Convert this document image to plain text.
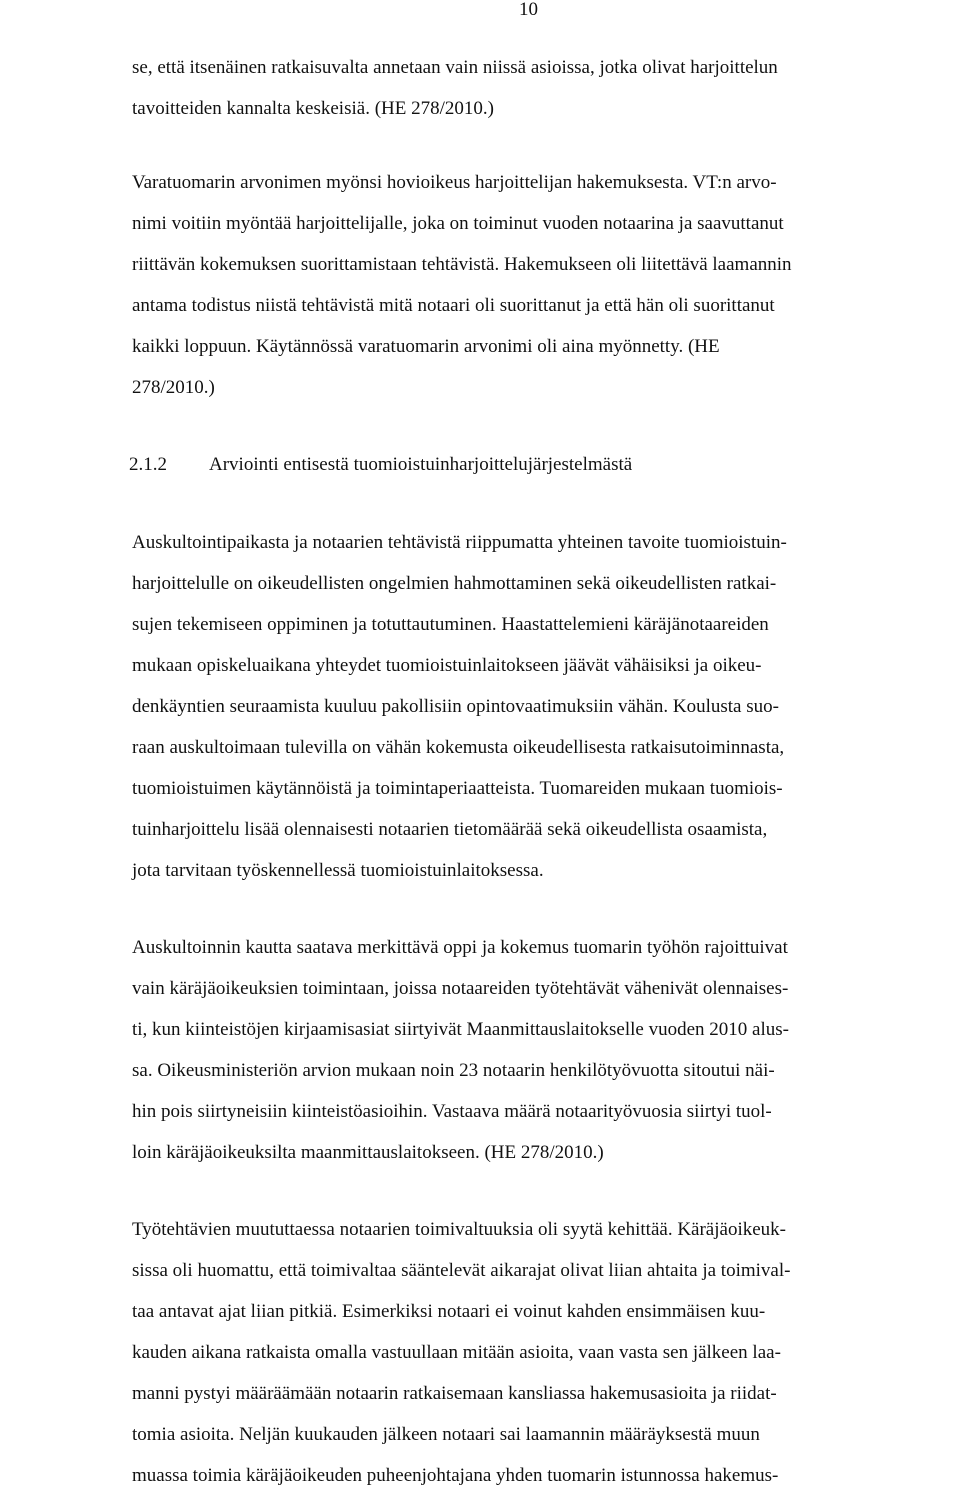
10
se, että itsenäinen ratkaisuvalta annetaan vain niissä asioissa, jotka olivat harjoittelun
tavoitteiden kannalta keskeisiä. (HE 278/2010.)
Varatuomarin arvonimen myönsi hovioikeus harjoittelijan hakemuksesta. VT:n arvo-
nimi voitiin myöntää harjoittelijalle, joka on toiminut vuoden notaarina ja saavuttanut
riittävän kokemuksen suorittamistaan tehtävistä. Hakemukseen oli liitettävä laamannin
antama todistus niistä tehtävistä mitä notaari oli suorittanut ja että hän oli suorittanut
kaikki loppuun. Käytännössä varatuomarin arvonimi oli aina myönnetty. (HE
278/2010.)
2.1.2 Arviointi entisestä tuomioistuinharjoittelujärjestelmästä
Auskultointipaikasta ja notaarien tehtävistä riippumatta yhteinen tavoite tuomioistuin-
harjoittelulle on oikeudellisten ongelmien hahmottaminen sekä oikeudellisten ratkai-
sujen tekemiseen oppiminen ja totuttautuminen. Haastattelemieni käräjänotaareiden
mukaan opiskeluaikana yhteydet tuomioistuinlaitokseen jäävät vähäisiksi ja oikeu-
denkäyntien seuraamista kuuluu pakollisiin opintovaatimuksiin vähän. Koulusta suo-
raan auskultoimaan tulevilla on vähän kokemusta oikeudellisesta ratkaisutoiminnasta,
tuomioistuimen käytännöistä ja toimintaperiaatteista. Tuomareiden mukaan tuomiois-
tuinharjoittelu lisää olennaisesti notaarien tietomäärää sekä oikeudellista osaamista,
jota tarvitaan työskennellessä tuomioistuinlaitoksessa.
Auskultoinnin kautta saatava merkittävä oppi ja kokemus tuomarin työhön rajoittuivat
vain käräjäoikeuksien toimintaan, joissa notaareiden työtehtävät vähenivät olennaises-
ti, kun kiinteistöjen kirjaamisasiat siirtyivät Maanmittauslaitokselle vuoden 2010 alus-
sa. Oikeusministeriön arvion mukaan noin 23 notaarin henkilötyövuotta sitoutui näi-
hin pois siirtyneisiin kiinteistöasioihin. Vastaava määrä notaarityövuosia siirtyi tuol-
loin käräjäoikeuksilta maanmittauslaitokseen. (HE 278/2010.)
Työtehtävien muututtaessa notaarien toimivaltuuksia oli syytä kehittää. Käräjäoikeuk-
sissa oli huomattu, että toimivaltaa sääntelevät aikarajat olivat liian ahtaita ja toimival-
taa antavat ajat liian pitkiä. Esimerkiksi notaari ei voinut kahden ensimmäisen kuu-
kauden aikana ratkaista omalla vastuullaan mitään asioita, vaan vasta sen jälkeen laa-
manni pystyi määräämään notaarin ratkaisemaan kansliassa hakemusasioita ja riidat-
tomia asioita. Neljän kuukauden jälkeen notaari sai laamannin määräyksestä muun
muassa toimia käräjäoikeuden puheenjohtajana yhden tuomarin istunnossa hakemus-
